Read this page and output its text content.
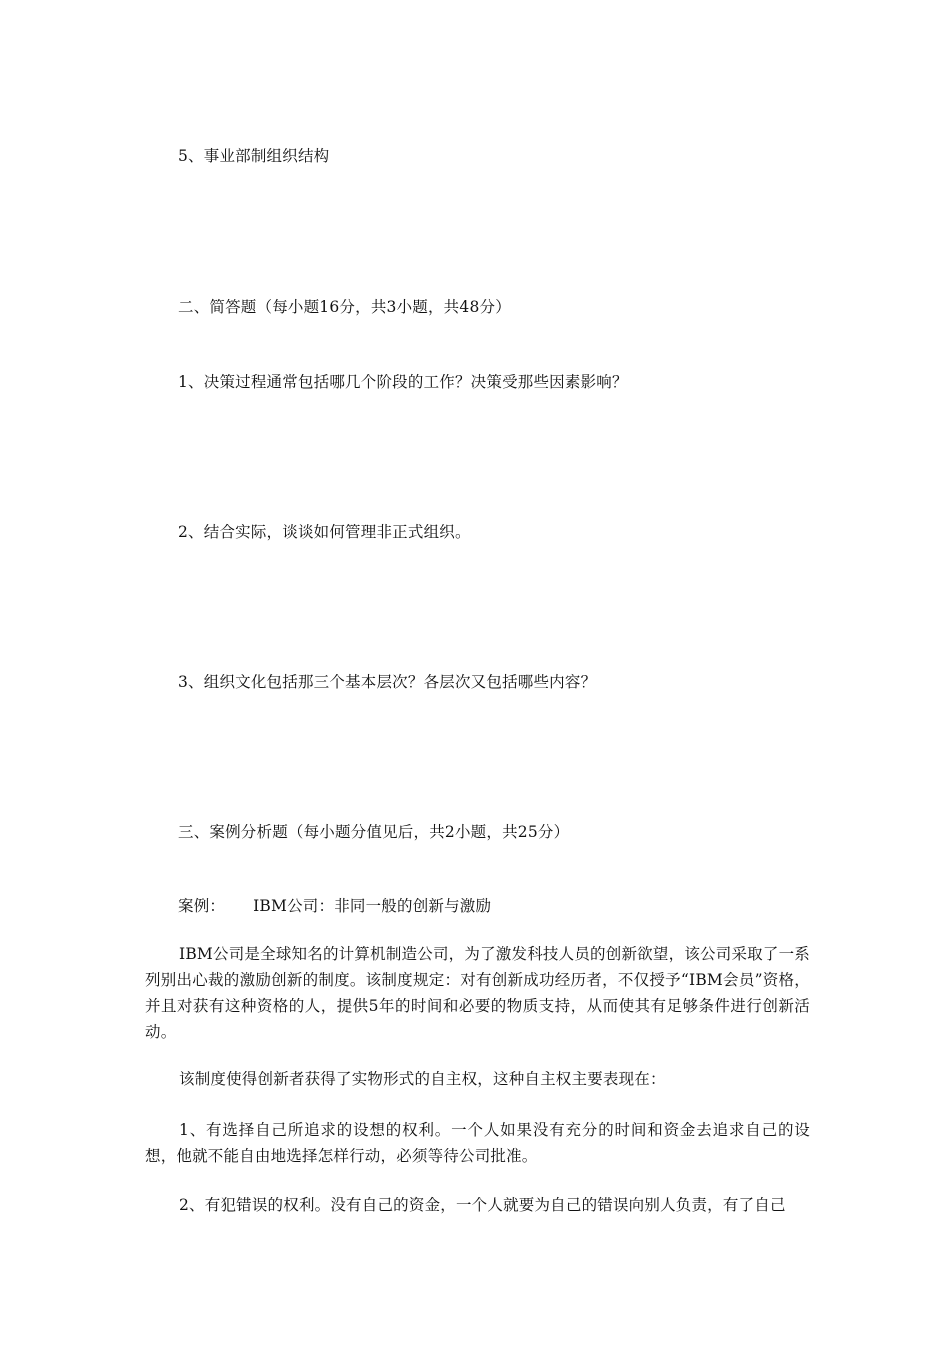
5、事业部制组织结构
二、简答题（每小题16分，共3小题，共48分）
1、决策过程通常包括哪几个阶段的工作？决策受那些因素影响？
2、结合实际，谈谈如何管理非正式组织。
3、组织文化包括那三个基本层次？各层次又包括哪些内容？
三、案例分析题（每小题分值见后，共2小题，共25分）
案例： IBM公司：非同一般的创新与激励
IBM公司是全球知名的计算机制造公司，为了激发科技人员的创新欲望，该公司采取了一系列别出心裁的激励创新的制度。该制度规定：对有创新成功经历者，不仅授予“IBM会员”资格，并且对获有这种资格的人，提供5年的时间和必要的物质支持，从而使其有足够条件进行创新活动。
该制度使得创新者获得了实物形式的自主权，这种自主权主要表现在：
1、有选择自己所追求的设想的权利。一个人如果没有充分的时间和资金去追求自己的设想，他就不能自由地选择怎样行动，必须等待公司批准。
2、有犯错误的权利。没有自己的资金，一个人就要为自己的错误向别人负责，有了自己
